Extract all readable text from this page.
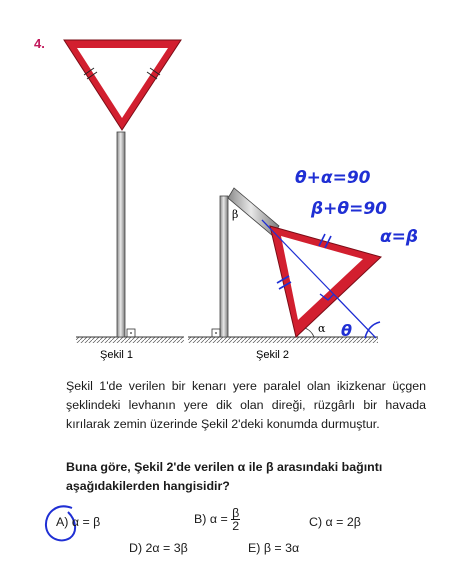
4.
Şekil 1
β
α
Şekil 2
θ+α=90
β+θ=90
α=β
θ
Şekil 1'de verilen bir kenarı yere paralel olan ikizkenar üçgen şeklindeki levhanın yere dik olan direği, rüzgârlı bir havada kırılarak zemin üzerinde Şekil 2'deki konumda durmuştur.
Buna göre, Şekil 2'de verilen α ile β arasındaki bağıntı aşağıdakilerden hangisidir?
A) α = β	B) $\alpha = \frac{\beta}{2}$	C) α = 2β
D) 2α = 3β	E) β = 3α
